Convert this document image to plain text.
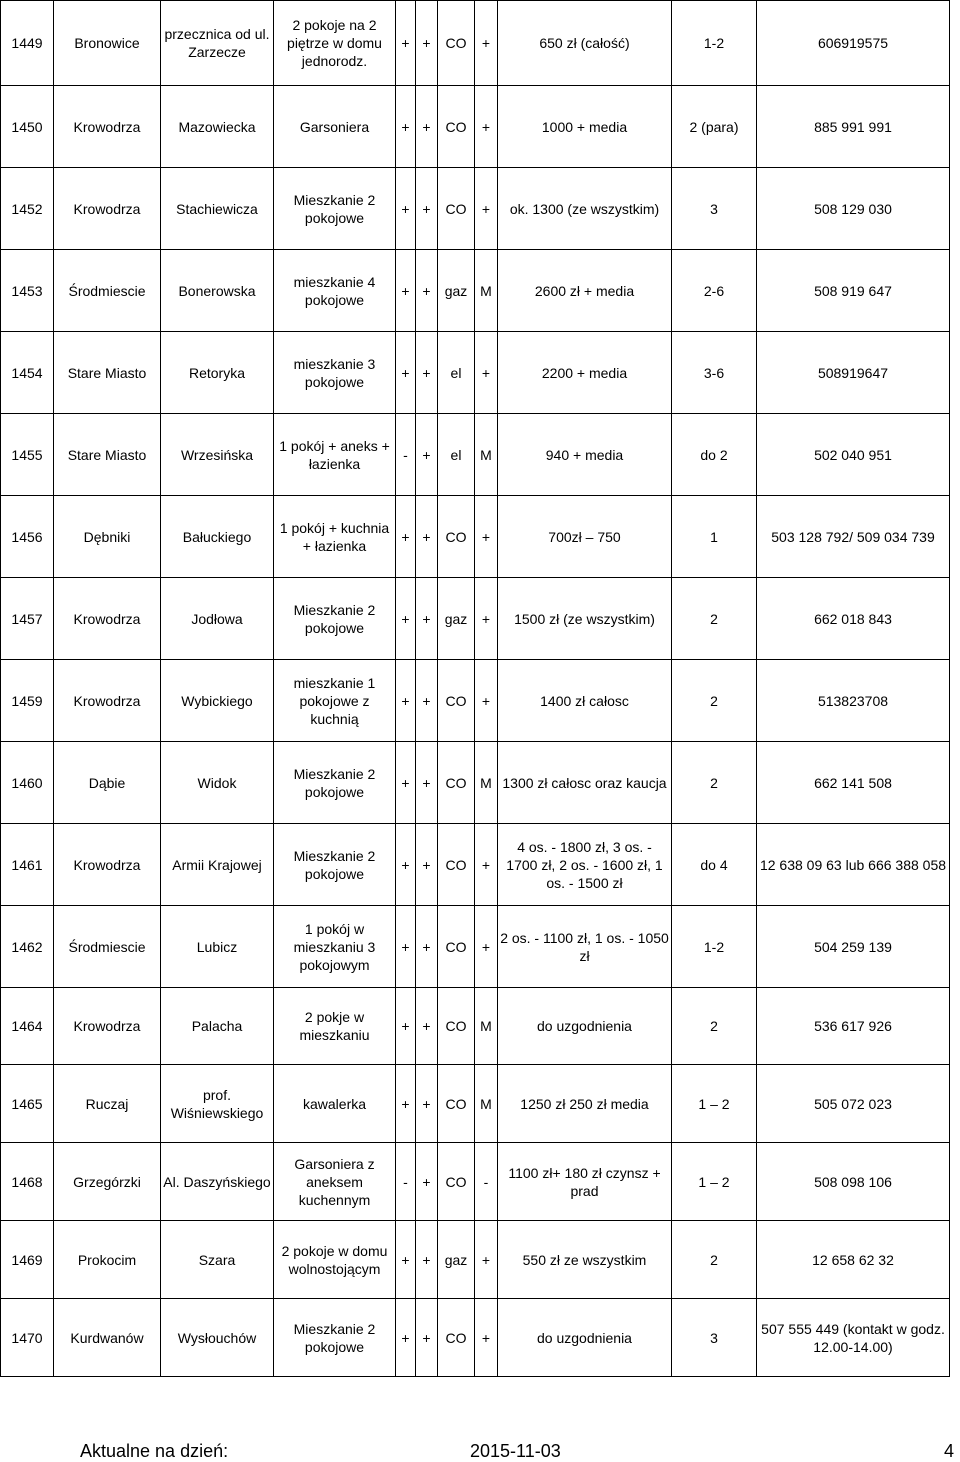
1449	Bronowice	przecznica od ul. Zarzecze	2 pokoje na 2 piętrze w domu jednorodz.	+	+	CO	+	650 zł (całość)	1-2	606919575
1450	Krowodrza	Mazowiecka	Garsoniera	+	+	CO	+	1000 + media	2 (para)	885 991 991
1452	Krowodrza	Stachiewicza	Mieszkanie 2 pokojowe	+	+	CO	+	ok. 1300 (ze wszystkim)	3	508 129 030
1453	Środmiescie	Bonerowska	mieszkanie 4 pokojowe	+	+	gaz	M	2600 zł + media	2-6	508 919 647
1454	Stare Miasto	Retoryka	mieszkanie 3 pokojowe	+	+	el	+	2200 + media	3-6	508919647
1455	Stare Miasto	Wrzesińska	1 pokój + aneks + łazienka	-	+	el	M	940 + media	do 2	502 040 951
1456	Dębniki	Bałuckiego	1 pokój + kuchnia + łazienka	+	+	CO	+	700zł – 750	1	503 128 792/ 509 034 739
1457	Krowodrza	Jodłowa	Mieszkanie 2 pokojowe	+	+	gaz	+	1500 zł (ze wszystkim)	2	662 018 843
1459	Krowodrza	Wybickiego	mieszkanie 1 pokojowe z kuchnią	+	+	CO	+	1400 zł całosc	2	513823708
1460	Dąbie	Widok	Mieszkanie 2 pokojowe	+	+	CO	M	1300 zł całosc oraz kaucja	2	662 141 508
1461	Krowodrza	Armii Krajowej	Mieszkanie 2 pokojowe	+	+	CO	+	4 os. - 1800 zł, 3 os. - 1700 zł, 2 os. - 1600 zł, 1 os. - 1500 zł	do 4	12 638 09 63 lub 666 388 058
1462	Środmiescie	Lubicz	1 pokój w mieszkaniu 3 pokojowym	+	+	CO	+	2 os. - 1100 zł, 1 os. - 1050 zł	1-2	504 259 139
1464	Krowodrza	Palacha	2 pokje w mieszkaniu	+	+	CO	M	do uzgodnienia	2	536 617 926
1465	Ruczaj	prof. Wiśniewskiego	kawalerka	+	+	CO	M	1250 zł 250 zł media	1 – 2	505 072 023
1468	Grzegórzki	Al. Daszyńskiego	Garsoniera z aneksem kuchennym	-	+	CO	-	1100 zł+ 180 zł czynsz + prad	1 – 2	508 098 106
1469	Prokocim	Szara	2 pokoje w domu wolnostojącym	+	+	gaz	+	550 zł ze wszystkim	2	12 658 62 32
1470	Kurdwanów	Wysłouchów	Mieszkanie 2 pokojowe	+	+	CO	+	do uzgodnienia	3	507 555 449 (kontakt w godz. 12.00-14.00)
Aktualne na dzień:	2015-11-03	4
